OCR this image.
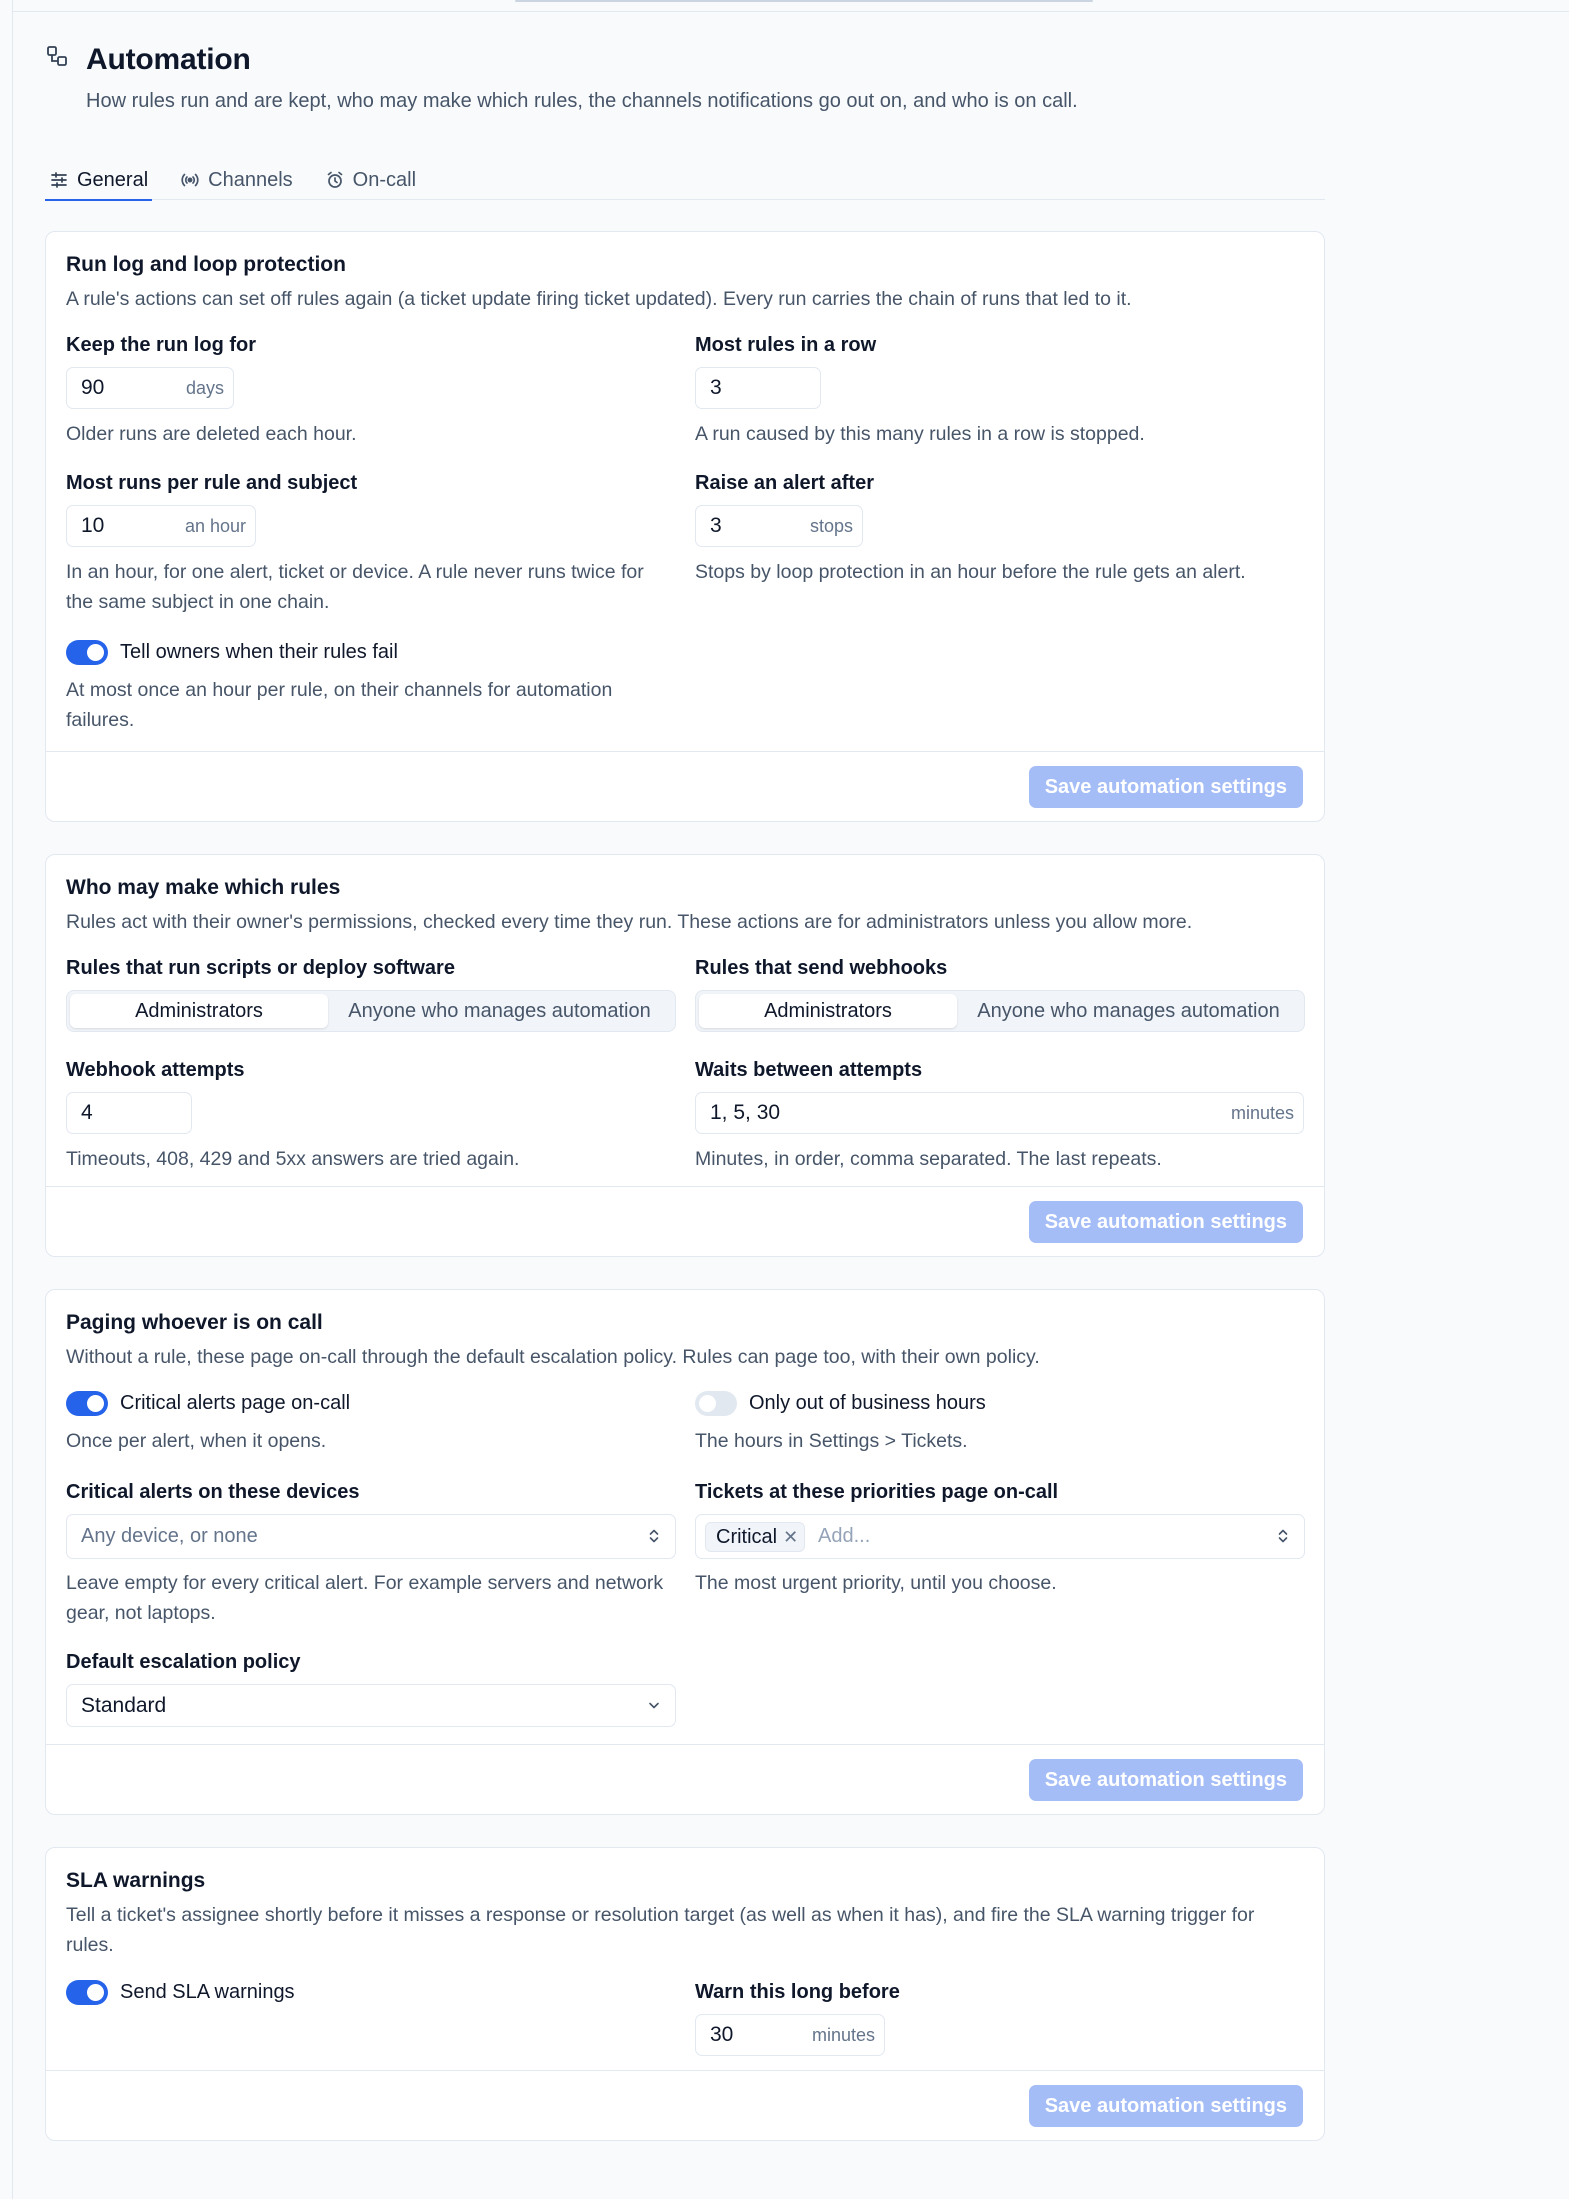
Automation
How rules run and are kept, who may make which rules, the channels notifications go out on, and who is on call.
General	Channels	On-call
Run log and loop protection
A rule's actions can set off rules again (a ticket update firing ticket updated). Every run carries the chain of runs that led to it.
Keep the run log for
90	days
Older runs are deleted each hour.
Most rules in a row
3
A run caused by this many rules in a row is stopped.
Most runs per rule and subject
10	an hour
In an hour, for one alert, ticket or device. A rule never runs twice for the same subject in one chain.
Raise an alert after
3	stops
Stops by loop protection in an hour before the rule gets an alert.
Tell owners when their rules fail
At most once an hour per rule, on their channels for automation failures.
Save automation settings
Who may make which rules
Rules act with their owner's permissions, checked every time they run. These actions are for administrators unless you allow more.
Rules that run scripts or deploy software
Administrators	Anyone who manages automation
Rules that send webhooks
Administrators	Anyone who manages automation
Webhook attempts
4
Timeouts, 408, 429 and 5xx answers are tried again.
Waits between attempts
1, 5, 30	minutes
Minutes, in order, comma separated. The last repeats.
Save automation settings
Paging whoever is on call
Without a rule, these page on-call through the default escalation policy. Rules can page too, with their own policy.
Critical alerts page on-call
Once per alert, when it opens.
Only out of business hours
The hours in Settings > Tickets.
Critical alerts on these devices
Any device, or none
Leave empty for every critical alert. For example servers and network gear, not laptops.
Tickets at these priorities page on-call
Critical ✕ Add...
The most urgent priority, until you choose.
Default escalation policy
Standard
Save automation settings
SLA warnings
Tell a ticket's assignee shortly before it misses a response or resolution target (as well as when it has), and fire the SLA warning trigger for rules.
Send SLA warnings	Warn this long before
30	minutes
Save automation settings
